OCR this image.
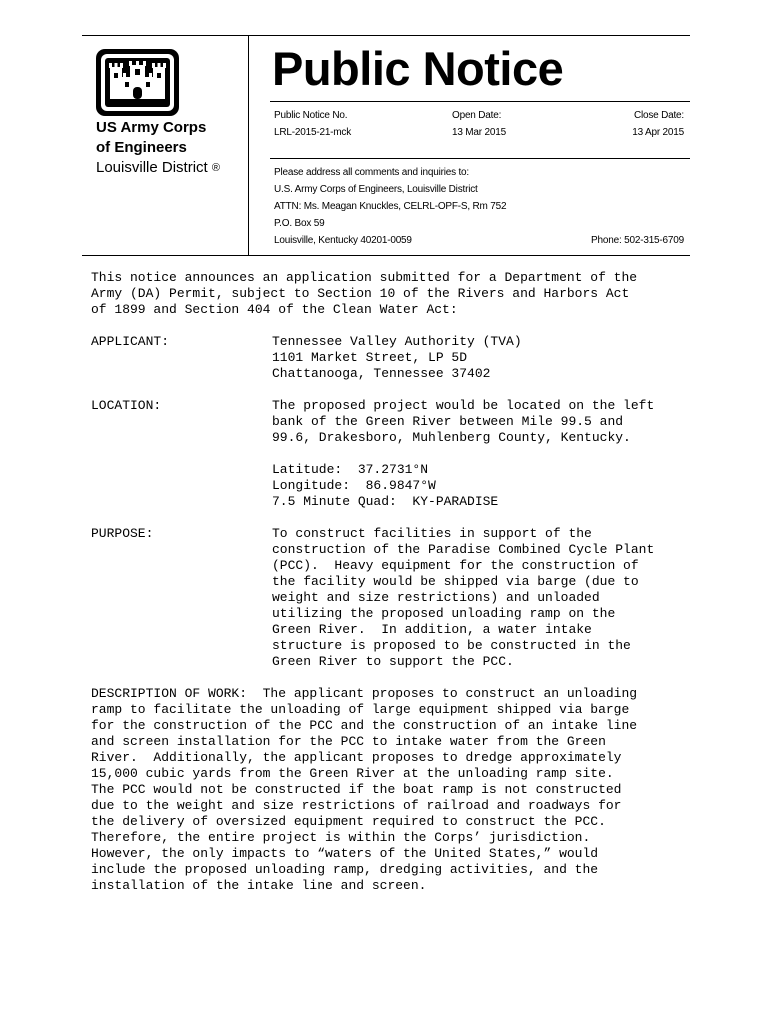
US Army Corps
of Engineers
Louisville District ®
Public Notice
Public Notice No.	Open Date:	Close Date:
LRL-2015-21-mck	13 Mar 2015	13 Apr 2015
Please address all comments and inquiries to:
U.S. Army Corps of Engineers, Louisville District
ATTN: Ms. Meagan Knuckles, CELRL-OPF-S, Rm 752
P.O. Box 59
Louisville, Kentucky 40201-0059	Phone: 502-315-6709

This notice announces an application submitted for a Department of the
Army (DA) Permit, subject to Section 10 of the Rivers and Harbors Act
of 1899 and Section 404 of the Clean Water Act:

APPLICANT:	Tennessee Valley Authority (TVA)
1101 Market Street, LP 5D
Chattanooga, Tennessee 37402

LOCATION:	The proposed project would be located on the left
bank of the Green River between Mile 99.5 and
99.6, Drakesboro, Muhlenberg County, Kentucky.

Latitude:  37.2731°N
Longitude:  86.9847°W
7.5 Minute Quad:  KY-PARADISE

PURPOSE:	To construct facilities in support of the
construction of the Paradise Combined Cycle Plant
(PCC).  Heavy equipment for the construction of
the facility would be shipped via barge (due to
weight and size restrictions) and unloaded
utilizing the proposed unloading ramp on the
Green River.  In addition, a water intake
structure is proposed to be constructed in the
Green River to support the PCC.

DESCRIPTION OF WORK:  The applicant proposes to construct an unloading
ramp to facilitate the unloading of large equipment shipped via barge
for the construction of the PCC and the construction of an intake line
and screen installation for the PCC to intake water from the Green
River.  Additionally, the applicant proposes to dredge approximately
15,000 cubic yards from the Green River at the unloading ramp site.
The PCC would not be constructed if the boat ramp is not constructed
due to the weight and size restrictions of railroad and roadways for
the delivery of oversized equipment required to construct the PCC.
Therefore, the entire project is within the Corps’ jurisdiction.
However, the only impacts to “waters of the United States,” would
include the proposed unloading ramp, dredging activities, and the
installation of the intake line and screen.
